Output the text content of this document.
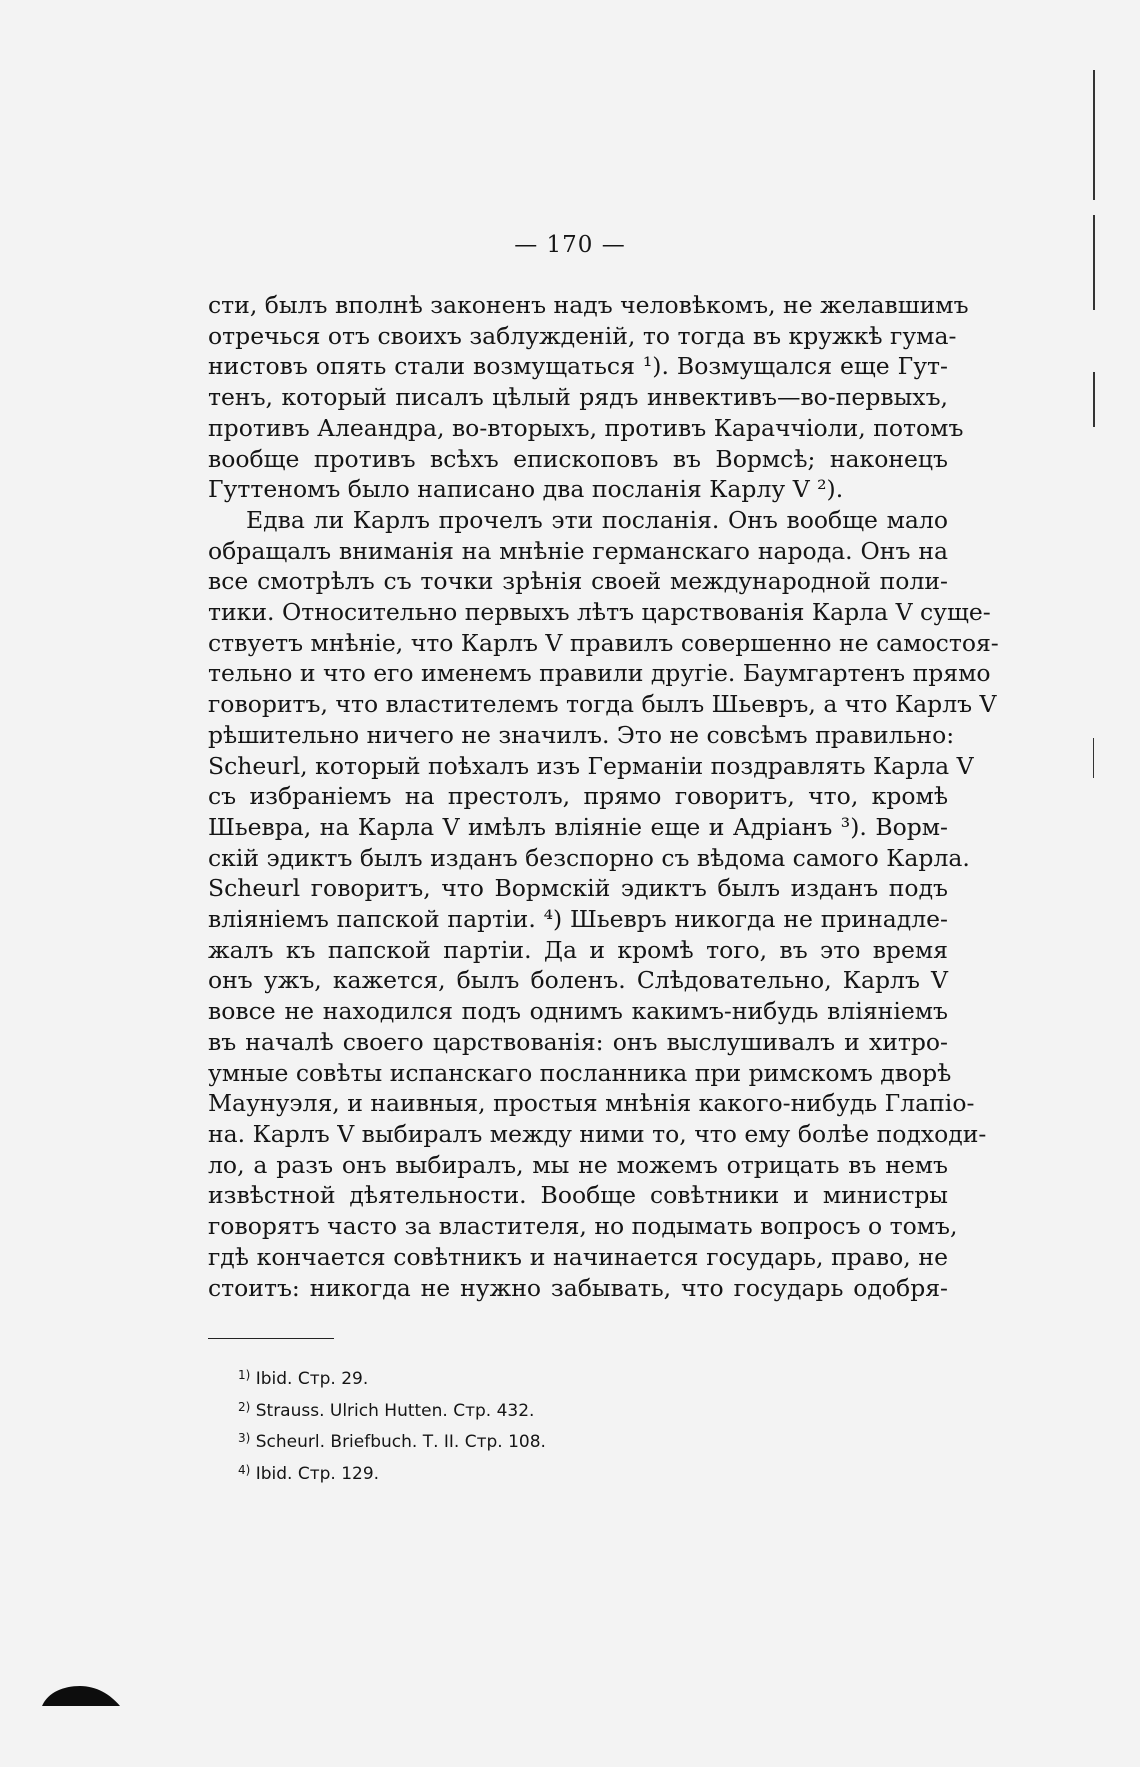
— 170 —
сти, былъ вполнѣ законенъ надъ человѣкомъ, не желавшимъ
отречься отъ своихъ заблужденій, то тогда въ кружкѣ гума-
нистовъ опять стали возмущаться ¹). Возмущался еще Гут-
тенъ, который писалъ цѣлый рядъ инвективъ—во-первыхъ,
противъ Алеандра, во-вторыхъ, противъ Караччіоли, потомъ
вообще противъ всѣхъ епископовъ въ Вормсѣ; наконецъ
Гуттеномъ было написано два посланія Карлу V ²).
Едва ли Карлъ прочелъ эти посланія. Онъ вообще мало
обращалъ вниманія на мнѣніе германскаго народа. Онъ на
все смотрѣлъ съ точки зрѣнія своей международной поли-
тики. Относительно первыхъ лѣтъ царствованія Карла V суще-
ствуетъ мнѣніе, что Карлъ V правилъ совершенно не самостоя-
тельно и что его именемъ правили другіе. Баумгартенъ прямо
говоритъ, что властителемъ тогда былъ Шьевръ, а что Карлъ V
рѣшительно ничего не значилъ. Это не совсѣмъ правильно:
Scheurl, который поѣхалъ изъ Германіи поздравлять Карла V
съ избраніемъ на престолъ, прямо говоритъ, что, кромѣ
Шьевра, на Карла V имѣлъ вліяніе еще и Адріанъ ³). Ворм-
скій эдиктъ былъ изданъ безспорно съ вѣдома самого Карла.
Scheurl говоритъ, что Вормскій эдиктъ былъ изданъ подъ
вліяніемъ папской партіи. ⁴) Шьевръ никогда не принадле-
жалъ къ папской партіи. Да и кромѣ того, въ это время
онъ ужъ, кажется, былъ боленъ. Слѣдовательно, Карлъ V
вовсе не находился подъ однимъ какимъ-нибудь вліяніемъ
въ началѣ своего царствованія: онъ выслушивалъ и хитро-
умные совѣты испанскаго посланника при римскомъ дворѣ
Маунуэля, и наивныя, простыя мнѣнія какого-нибудь Глапіо-
на. Карлъ V выбиралъ между ними то, что ему болѣе подходи-
ло, а разъ онъ выбиралъ, мы не можемъ отрицать въ немъ
извѣстной дѣятельности. Вообще совѣтники и министры
говорятъ часто за властителя, но подымать вопросъ о томъ,
гдѣ кончается совѣтникъ и начинается государь, право, не
стоитъ: никогда не нужно забывать, что государь одобря-
$^{1)}$ Ibid. Стр. 29.
$^{2)}$ Strauss. Ulrich Hutten. Стр. 432.
$^{3)}$ Scheurl. Briefbuch. Т. II. Стр. 108.
$^{4)}$ Ibid. Стр. 129.
